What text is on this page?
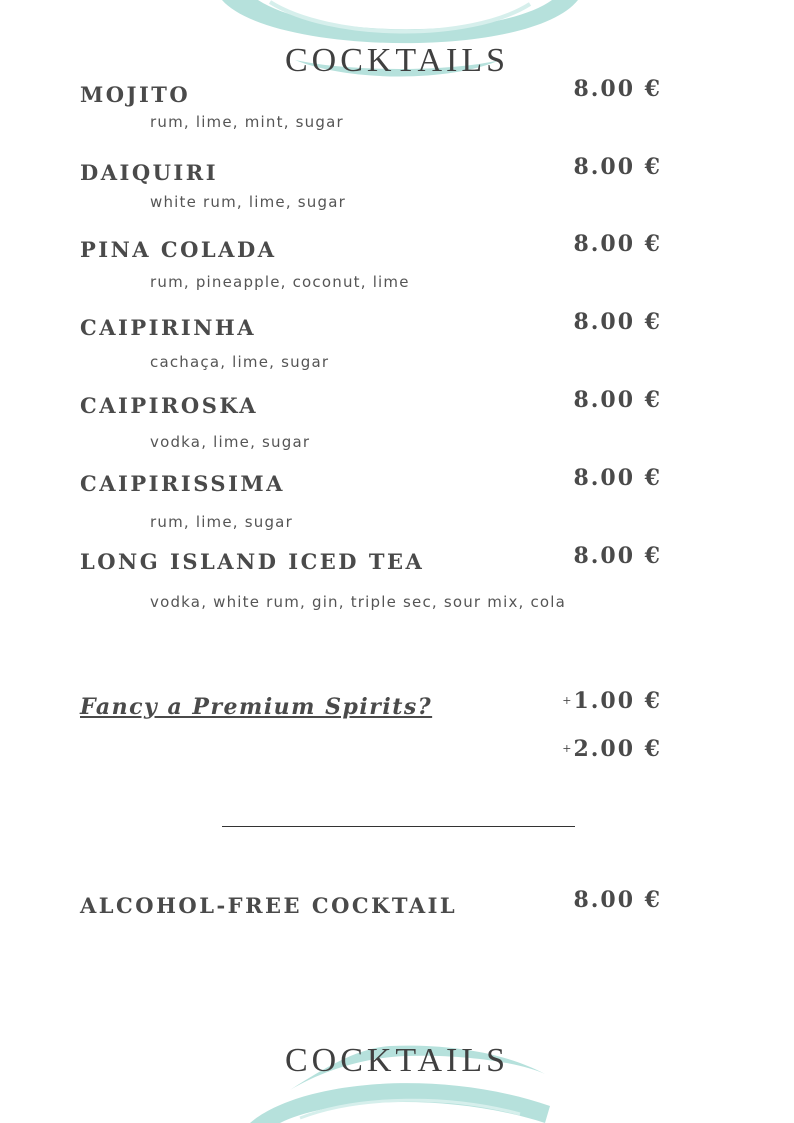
COCKTAILS
MOJITO	8.00 €
rum, lime, mint, sugar
DAIQUIRI	8.00 €
white rum, lime, sugar
PINA COLADA	8.00 €
rum, pineapple, coconut, lime
CAIPIRINHA	8.00 €
cachaça, lime, sugar
CAIPIROSKA	8.00 €
vodka, lime, sugar
CAIPIRISSIMA	8.00 €
rum, lime, sugar
LONG ISLAND ICED TEA	8.00 €
vodka, white rum, gin, triple sec, sour mix, cola
Fancy a Premium Spirits?	+1.00 €
+2.00 €
ALCOHOL-FREE COCKTAIL	8.00 €
COCKTAILS
